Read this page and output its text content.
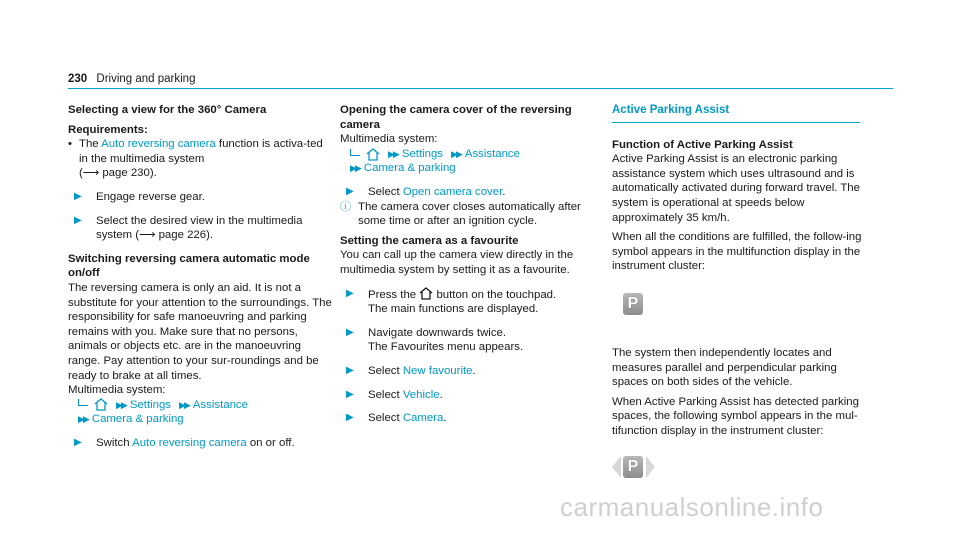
230 Driving and parking

Selecting a view for the 360° Camera

Requirements:

• The Auto reversing camera function is activa-ted in the multimedia system
(⟶ page 230).
▶	Engage reverse gear.
▶	Select the desired view in the multimedia
system (⟶ page 226).

Switching reversing camera automatic mode on/off

The reversing camera is only an aid. It is not a substitute for your attention to the surroundings. The responsibility for safe manoeuvring and parking remains with you. Make sure that no persons, animals or objects etc. are in the manoeuvring range. Pay attention to your sur-roundings and be ready to brake at all times.

Multimedia system:

▶▶ Settings ▶▶ Assistance
▶▶ Camera & parking
▶	Switch Auto reversing camera on or off.

Opening the camera cover of the reversing camera

Multimedia system:

▶▶ Settings ▶▶ Assistance
▶▶ Camera & parking
▶	Select Open camera cover.
ⓘ The camera cover closes automatically after some time or after an ignition cycle.

Setting the camera as a favourite

You can call up the camera view directly in the multimedia system by setting it as a favourite.

▶	Press the  button on the touchpad.
The main functions are displayed.
▶	Navigate downwards twice.
The Favourites menu appears.
▶	Select New favourite.
▶	Select Vehicle.
▶	Select Camera.
Active Parking Assist

Function of Active Parking Assist

Active Parking Assist is an electronic parking assistance system which uses ultrasound and is automatically activated during forward travel. The system is operational at speeds below approximately 35 km/h.

When all the conditions are fulfilled, the follow-ing symbol appears in the multifunction display in the instrument cluster:

P

The system then independently locates and measures parallel and perpendicular parking spaces on both sides of the vehicle.

When Active Parking Assist has detected parking spaces, the following symbol appears in the mul-tifunction display in the instrument cluster:

P
carmanualsonline.info
